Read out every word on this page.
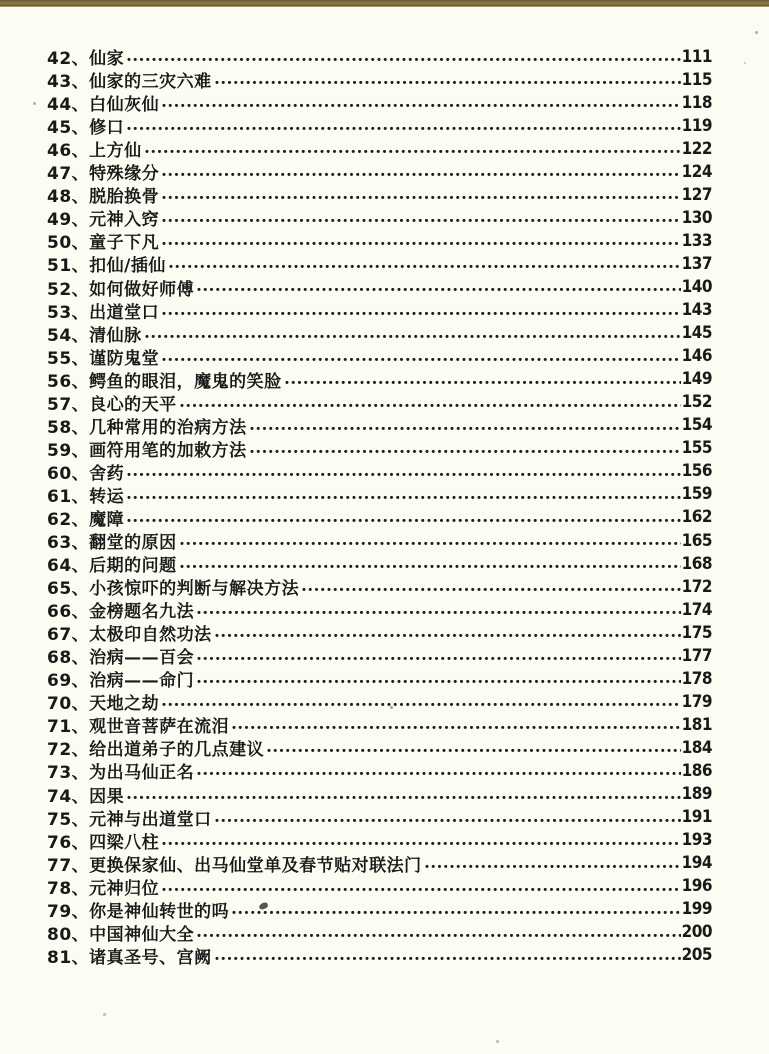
42、 仙家	111
43、 仙家的三灾六难	115
44、 白仙灰仙	118
45、 修口	119
46、 上方仙	122
47、 特殊缘分	124
48、 脱胎换骨	127
49、 元神入窍	130
50、 童子下凡	133
51、 扣仙/插仙	137
52、 如何做好师傅	140
53、 出道堂口	143
54、 清仙脉	145
55、 谨防鬼堂	146
56、 鳄鱼的眼泪，魔鬼的笑脸	149
57、 良心的天平	152
58、 几种常用的治病方法	154
59、 画符用笔的加敕方法	155
60、 舍药	156
61、 转运	159
62、 魔障	162
63、 翻堂的原因	165
64、 后期的问题	168
65、 小孩惊吓的判断与解决方法	172
66、 金榜题名九法	174
67、 太极印自然功法	175
68、 治病——百会	177
69、 治病——命门	178
70、 天地之劫	179
71、 观世音菩萨在流泪	181
72、 给出道弟子的几点建议	184
73、 为出马仙正名	186
74、 因果	189
75、 元神与出道堂口	191
76、 四梁八柱	193
77、 更换保家仙、出马仙堂单及春节贴对联法门	194
78、 元神归位	196
79、 你是神仙转世的吗	199
80、 中国神仙大全	200
81、 诸真圣号、宫阙	205
